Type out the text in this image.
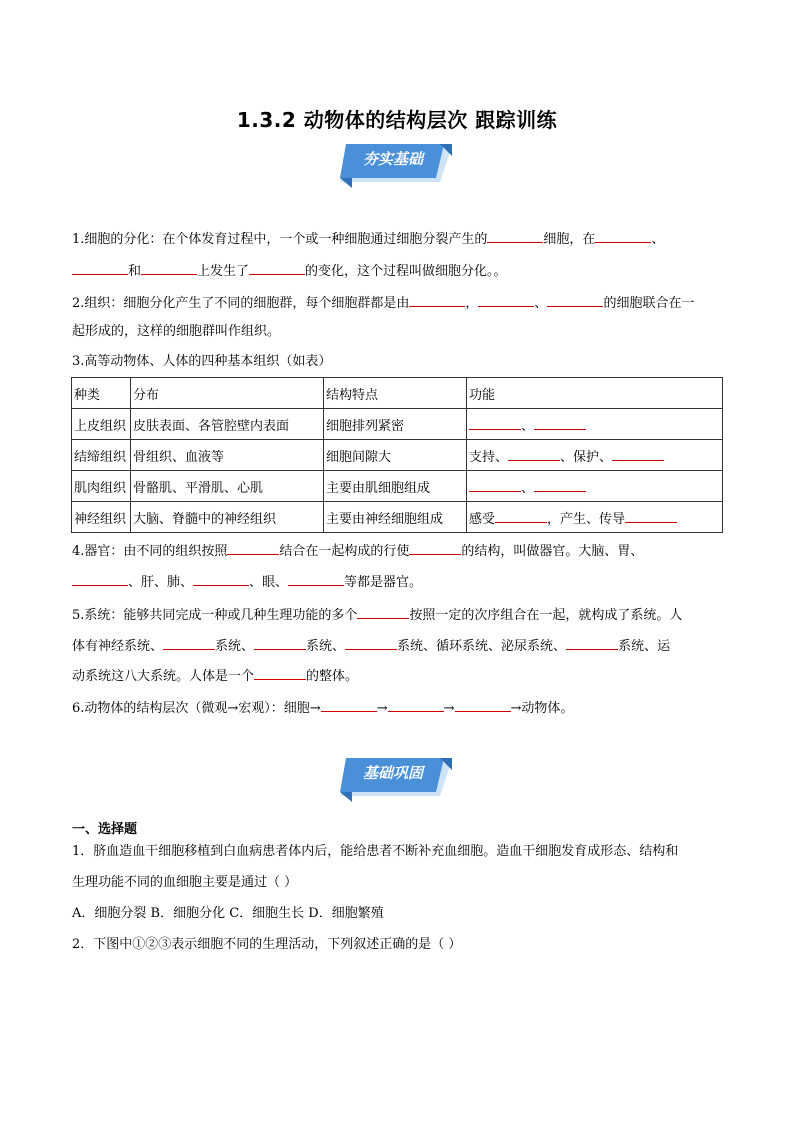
1.3.2 动物体的结构层次 跟踪训练
夯实基础
1.细胞的分化：在个体发育过程中，一个或一种细胞通过细胞分裂产生的	细胞，在	、
和	上发生了	的变化，这个过程叫做细胞分化。。
2.组织：细胞分化产生了不同的细胞群，每个细胞群都是由	，	、	的细胞联合在一
起形成的，这样的细胞群叫作组织。
3.高等动物体、人体的四种基本组织（如表）
种类	分布	结构特点	功能
上皮组织	皮肤表面、各管腔壁内表面	细胞排列紧密	、
结缔组织	骨组织、血液等	细胞间隙大	支持、 、保护、
肌肉组织	骨骼肌、平滑肌、心肌	主要由肌细胞组成	、
神经组织	大脑、脊髓中的神经组织	主要由神经细胞组成	感受 ，产生、传导
4.器官：由不同的组织按照	结合在一起构成的行使	的结构，叫做器官。大脑、胃、
、肝、肺、	、眼、	等都是器官。
5.系统：能够共同完成一种或几种生理功能的多个	按照一定的次序组合在一起，就构成了系统。人
体有神经系统、	系统、	系统、	系统、循环系统、泌尿系统、	系统、运
动系统这八大系统。人体是一个	的整体。
6.动物体的结构层次（微观→宏观）：细胞→	→	→	→动物体。
基础巩固
一、选择题
1．脐血造血干细胞移植到白血病患者体内后，能给患者不断补充血细胞。造血干细胞发育成形态、结构和
生理功能不同的血细胞主要是通过（ ）
A．细胞分裂 B．细胞分化 C．细胞生长 D．细胞繁殖
2．下图中①②③表示细胞不同的生理活动，下列叙述正确的是（ ）
